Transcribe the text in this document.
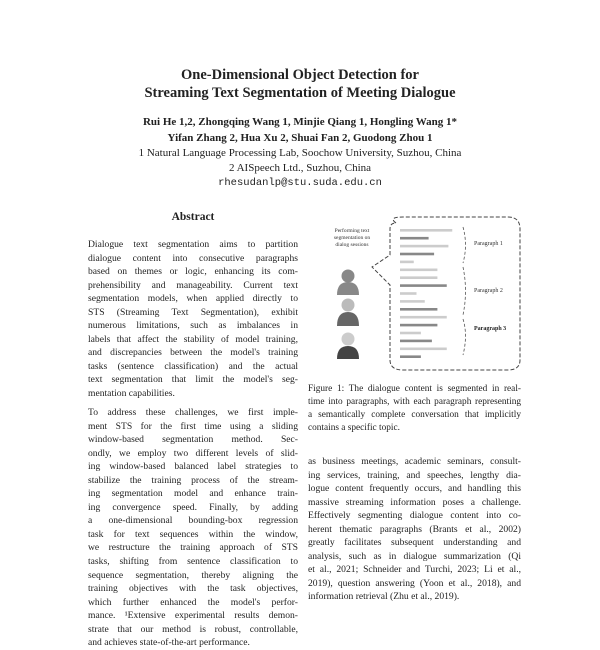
One-Dimensional Object Detection for
Streaming Text Segmentation of Meeting Dialogue
Rui He 1,2, Zhongqing Wang 1, Minjie Qiang 1, Hongling Wang 1*
Yifan Zhang 2, Hua Xu 2, Shuai Fan 2, Guodong Zhou 1
1 Natural Language Processing Lab, Soochow University, Suzhou, China
2 AISpeech Ltd., Suzhou, China
rhesudanlp@stu.suda.edu.cn
Abstract
Dialogue text segmentation aims to partition
dialogue content into consecutive paragraphs
based on themes or logic, enhancing its com-
prehensibility and manageability. Current text
segmentation models, when applied directly to
STS (Streaming Text Segmentation), exhibit
numerous limitations, such as imbalances in
labels that affect the stability of model training,
and discrepancies between the model's training
tasks (sentence classification) and the actual
text segmentation that limit the model's seg-
mentation capabilities.
To address these challenges, we first imple-
ment STS for the first time using a sliding
window-based segmentation method. Sec-
ondly, we employ two different levels of slid-
ing window-based balanced label strategies to
stabilize the training process of the stream-
ing segmentation model and enhance train-
ing convergence speed. Finally, by adding
a one-dimensional bounding-box regression
task for text sequences within the window,
we restructure the training approach of STS
tasks, shifting from sentence classification to
sequence segmentation, thereby aligning the
training objectives with the task objectives,
which further enhanced the model's perfor-
mance. ¹Extensive experimental results demon-
strate that our method is robust, controllable,
and achieves state-of-the-art performance.
Performing text
segmentation on
dialog sessions	Paragraph 1
Paragraph 2
Paragraph 3
Figure 1: The dialogue content is segmented in real-
time into paragraphs, with each paragraph representing
a semantically complete conversation that implicitly
contains a specific topic.
as business meetings, academic seminars, consult-
ing services, training, and speeches, lengthy dia-
logue content frequently occurs, and handling this
massive streaming information poses a challenge.
Effectively segmenting dialogue content into co-
herent thematic paragraphs (Brants et al., 2002)
greatly facilitates subsequent understanding and
analysis, such as in dialogue summarization (Qi
et al., 2021; Schneider and Turchi, 2023; Li et al.,
2019), question answering (Yoon et al., 2018), and
information retrieval (Zhu et al., 2019).
